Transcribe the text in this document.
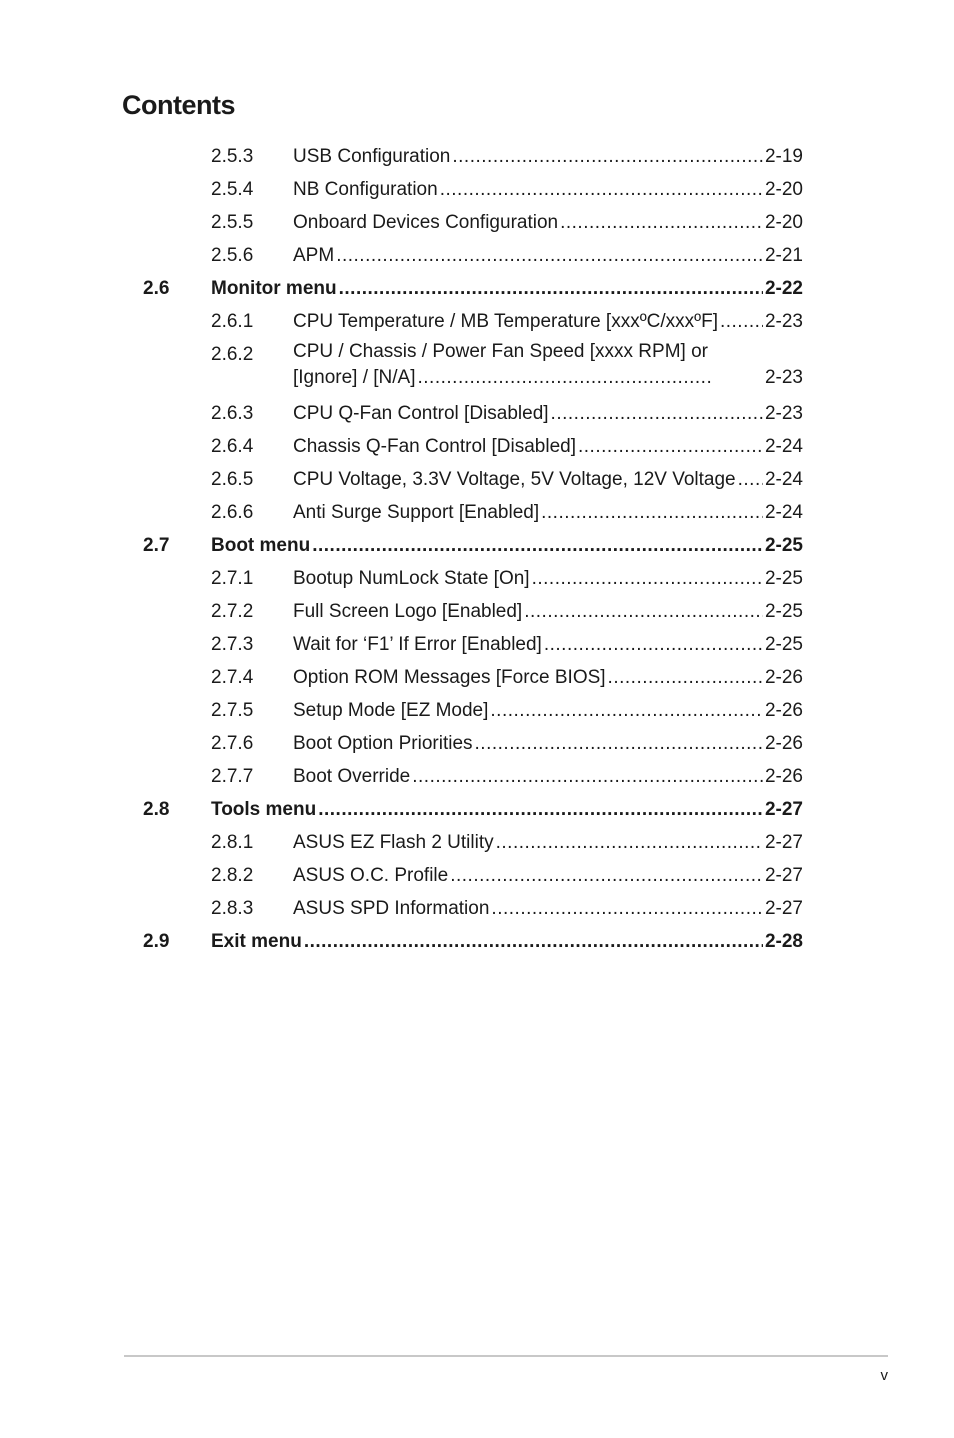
Contents
2.5.3 USB Configuration .....	2-19
2.5.4 NB Configuration .....	2-20
2.5.5 Onboard Devices Configuration .....	2-20
2.5.6 APM .....	2-21
2.6 Monitor menu .....	2-22
2.6.1 CPU Temperature / MB Temperature [xxxºC/xxxºF] ..... 2-23
2.6.2 CPU / Chassis / Power Fan Speed [xxxx RPM] or
[Ignore] / [N/A] .....	2-23
2.6.3 CPU Q-Fan Control [Disabled] .....	2-23
2.6.4 Chassis Q-Fan Control [Disabled] .....	2-24
2.6.5 CPU Voltage, 3.3V Voltage, 5V Voltage, 12V Voltage ..... 2-24
2.6.6 Anti Surge Support [Enabled] .....	2-24
2.7 Boot menu .....	2-25
2.7.1 Bootup NumLock State [On] .....	2-25
2.7.2 Full Screen Logo [Enabled] .....	2-25
2.7.3 Wait for ‘F1’ If Error [Enabled] .....	2-25
2.7.4 Option ROM Messages [Force BIOS] .....	2-26
2.7.5 Setup Mode [EZ Mode] .....	2-26
2.7.6 Boot Option Priorities .....	2-26
2.7.7 Boot Override .....	2-26
2.8 Tools menu .....	2-27
2.8.1 ASUS EZ Flash 2 Utility .....	2-27
2.8.2 ASUS O.C. Profile .....	2-27
2.8.3 ASUS SPD Information .....	2-27
2.9 Exit menu .....	2-28
v
